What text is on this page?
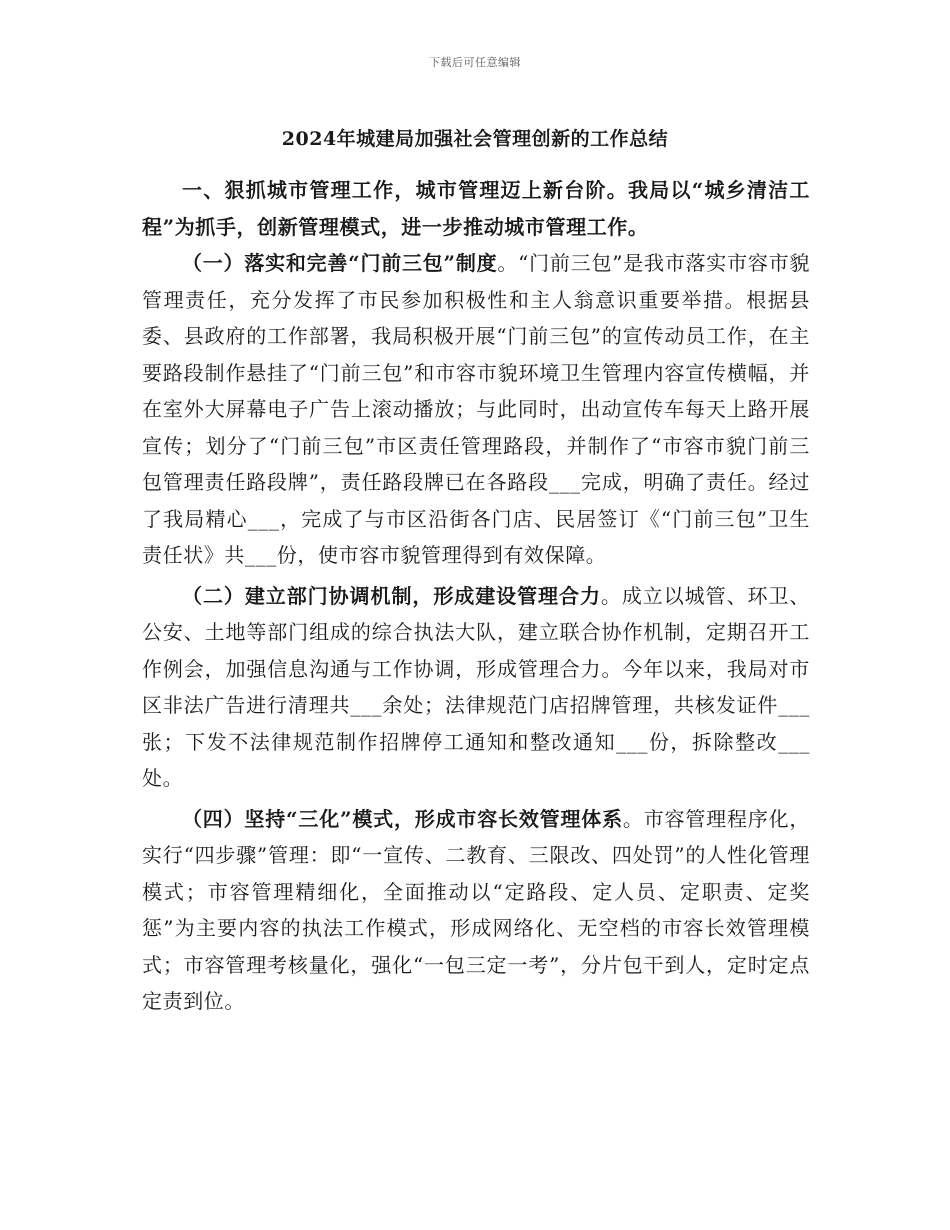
下载后可任意编辑
2024年城建局加强社会管理创新的工作总结

一、狠抓城市管理工作，城市管理迈上新台阶。我局以“城乡清洁工程”为抓手，创新管理模式，进一步推动城市管理工作。

（一）落实和完善“门前三包”制度。“门前三包”是我市落实市容市貌管理责任，充分发挥了市民参加积极性和主人翁意识重要举措。根据县委、县政府的工作部署，我局积极开展“门前三包”的宣传动员工作，在主要路段制作悬挂了“门前三包”和市容市貌环境卫生管理内容宣传横幅，并在室外大屏幕电子广告上滚动播放；与此同时，出动宣传车每天上路开展宣传；划分了“门前三包”市区责任管理路段，并制作了“市容市貌门前三包管理责任路段牌”，责任路段牌已在各路段___完成，明确了责任。经过了我局精心___，完成了与市区沿街各门店、民居签订《“门前三包”卫生责任状》共___份，使市容市貌管理得到有效保障。

（二）建立部门协调机制，形成建设管理合力。成立以城管、环卫、公安、土地等部门组成的综合执法大队，建立联合协作机制，定期召开工作例会，加强信息沟通与工作协调，形成管理合力。今年以来，我局对市区非法广告进行清理共___余处；法律规范门店招牌管理，共核发证件___张；下发不法律规范制作招牌停工通知和整改通知___份，拆除整改___处。

（四）坚持“三化”模式，形成市容长效管理体系。市容管理程序化，实行“四步骤”管理：即“一宣传、二教育、三限改、四处罚”的人性化管理模式；市容管理精细化，全面推动以“定路段、定人员、定职责、定奖惩”为主要内容的执法工作模式，形成网络化、无空档的市容长效管理模式；市容管理考核量化，强化“一包三定一考”，分片包干到人，定时定点定责到位。
